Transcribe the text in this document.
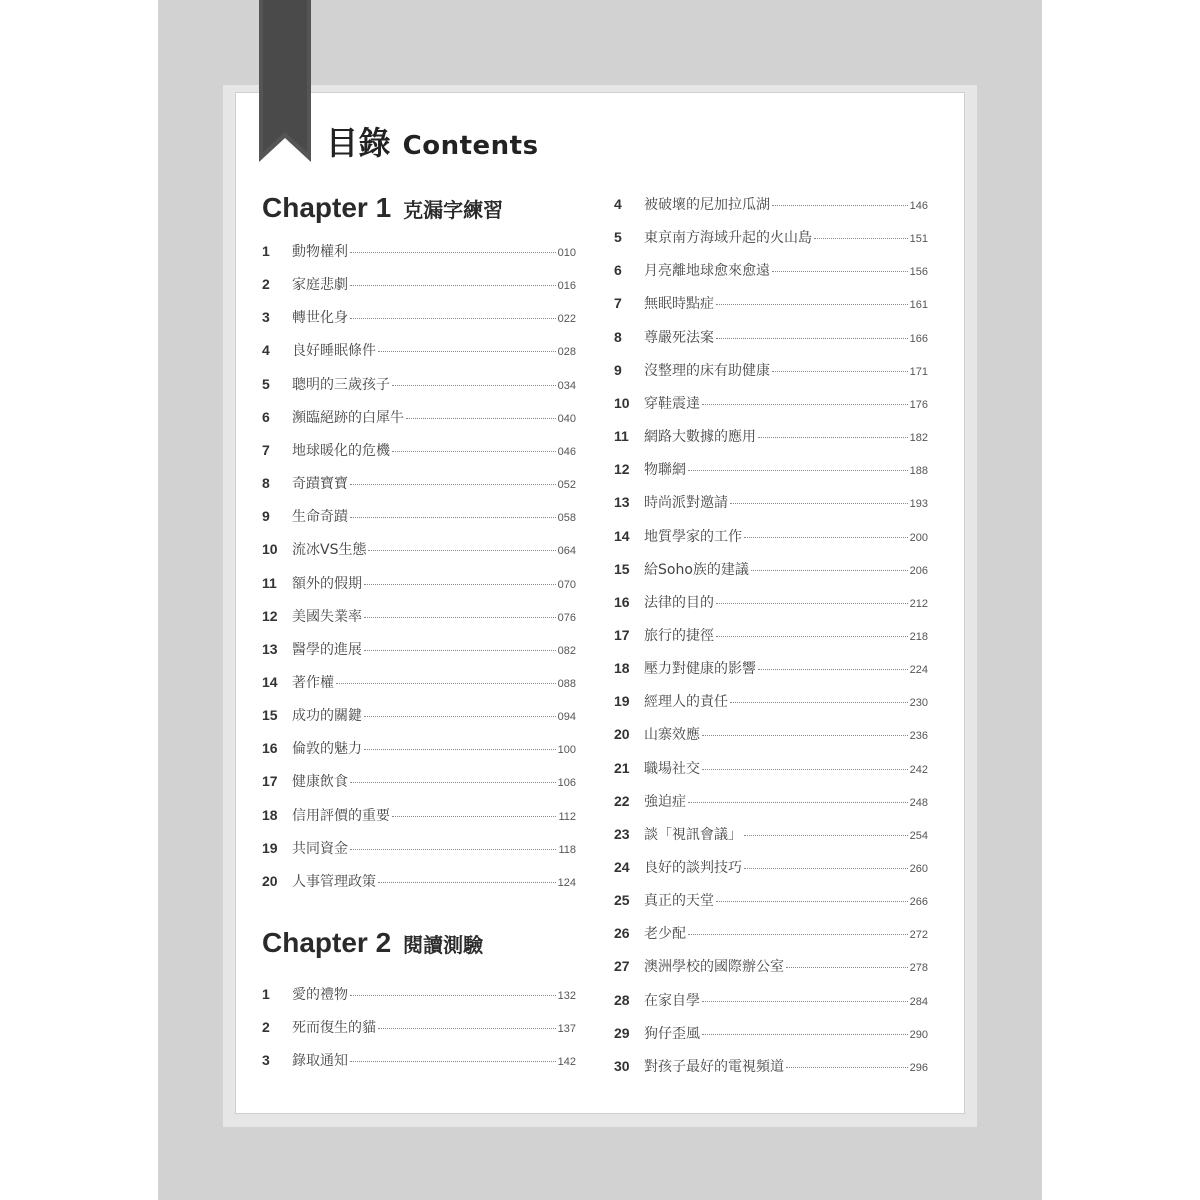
目錄 Contents
Chapter 1 克漏字練習
Chapter 2 閱讀測驗
1	動物權利	010
2	家庭悲劇	016
3	轉世化身	022
4	良好睡眠條件	028
5	聰明的三歲孩子	034
6	瀕臨絕跡的白犀牛	040
7	地球暖化的危機	046
8	奇蹟寶寶	052
9	生命奇蹟	058
10	流冰VS生態	064
11	額外的假期	070
12	美國失業率	076
13	醫學的進展	082
14	著作權	088
15	成功的關鍵	094
16	倫敦的魅力	100
17	健康飲食	106
18	信用評價的重要	112
19	共同資金	118
20	人事管理政策	124
1	愛的禮物	132
2	死而復生的貓	137
3	錄取通知	142
4	被破壞的尼加拉瓜湖	146
5	東京南方海域升起的火山島	151
6	月亮離地球愈來愈遠	156
7	無眠時點症	161
8	尊嚴死法案	166
9	沒整理的床有助健康	171
10	穿鞋震達	176
11	網路大數據的應用	182
12	物聯網	188
13	時尚派對邀請	193
14	地質學家的工作	200
15	給Soho族的建議	206
16	法律的目的	212
17	旅行的捷徑	218
18	壓力對健康的影響	224
19	經理人的責任	230
20	山寨效應	236
21	職場社交	242
22	強迫症	248
23	談「視訊會議」	254
24	良好的談判技巧	260
25	真正的天堂	266
26	老少配	272
27	澳洲學校的國際辦公室	278
28	在家自學	284
29	狗仔歪風	290
30	對孩子最好的電視頻道	296
